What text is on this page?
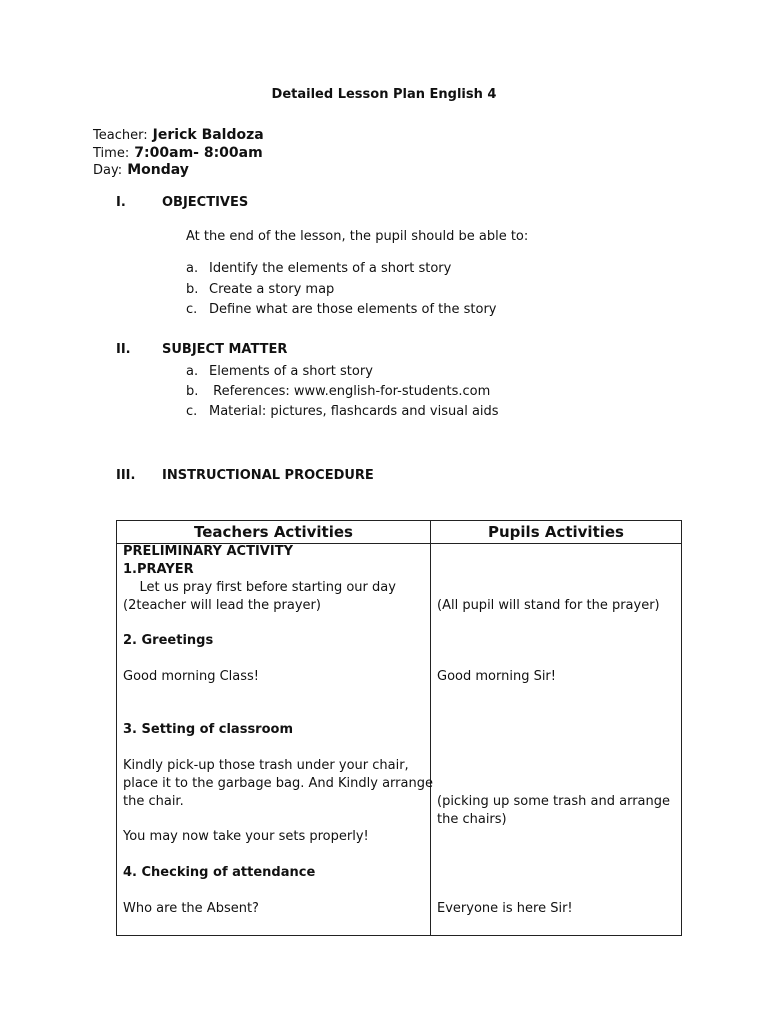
Detailed Lesson Plan English 4
Teacher: Jerick Baldoza
Time: 7:00am- 8:00am
Day: Monday
I.	OBJECTIVES
At the end of the lesson, the pupil should be able to:
a. Identify the elements of a short story
b. Create a story map
c. Define what are those elements of the story
II. SUBJECT MATTER
a. Elements of a short story
b. References: www.english-for-students.com
c. Material: pictures, flashcards and visual aids
III. INSTRUCTIONAL PROCEDURE
Teachers Activities	Pupils Activities
PRELIMINARY ACTIVITY
1.PRAYER
Let us pray first before starting our day
(2teacher will lead the prayer)
2. Greetings
Good morning Class!
3. Setting of classroom
Kindly pick-up those trash under your chair,
place it to the garbage bag. And Kindly arrange
the chair.
You may now take your sets properly!
4. Checking of attendance
Who are the Absent?
(All pupil will stand for the prayer)
Good morning Sir!
(picking up some trash and arrange
the chairs)
Everyone is here Sir!
